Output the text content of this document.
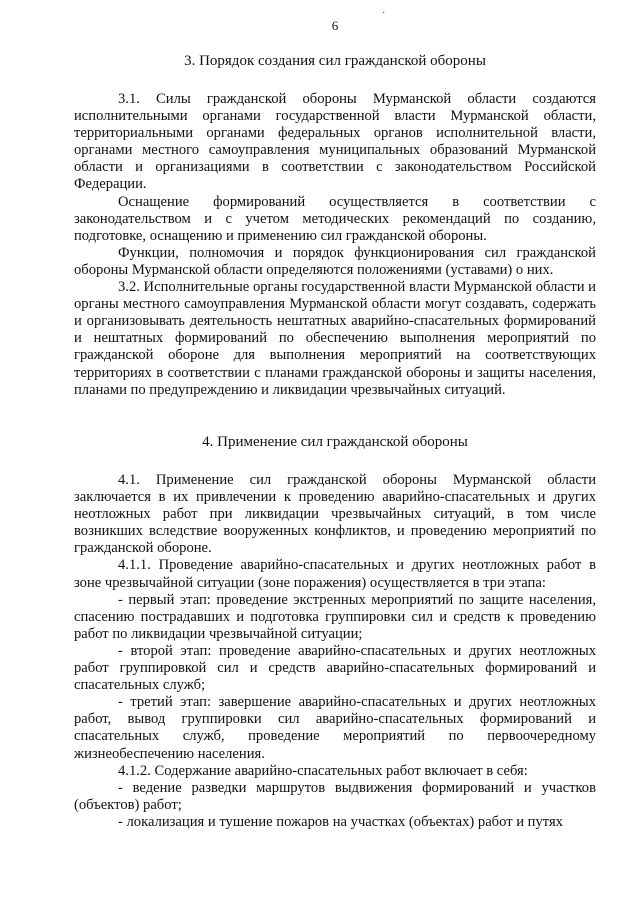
6
·
3. Порядок создания сил гражданской обороны

3.1. Силы гражданской обороны Мурманской области создаются исполнительными органами государственной власти Мурманской области, территориальными органами федеральных органов исполнительной власти, органами местного самоуправления муниципальных образований Мурманской области и организациями в соответствии с законодательством Российской Федерации.

Оснащение формирований осуществляется в соответствии с законодательством и с учетом методических рекомендаций по созданию, подготовке, оснащению и применению сил гражданской обороны.

Функции, полномочия и порядок функционирования сил гражданской обороны Мурманской области определяются положениями (уставами) о них.

3.2. Исполнительные органы государственной власти Мурманской области и органы местного самоуправления Мурманской области могут создавать, содержать и организовывать деятельность нештатных аварийно-спасательных формирований и нештатных формирований по обеспечению выполнения мероприятий по гражданской обороне для выполнения мероприятий на соответствующих территориях в соответствии с планами гражданской обороны и защиты населения, планами по предупреждению и ликвидации чрезвычайных ситуаций.

4. Применение сил гражданской обороны

4.1. Применение сил гражданской обороны Мурманской области заключается в их привлечении к проведению аварийно-спасательных и других неотложных работ при ликвидации чрезвычайных ситуаций, в том числе возникших вследствие вооруженных конфликтов, и проведению мероприятий по гражданской обороне.

4.1.1. Проведение аварийно-спасательных и других неотложных работ в зоне чрезвычайной ситуации (зоне поражения) осуществляется в три этапа:

- первый этап: проведение экстренных мероприятий по защите населения, спасению пострадавших и подготовка группировки сил и средств к проведению работ по ликвидации чрезвычайной ситуации;

- второй этап: проведение аварийно-спасательных и других неотложных работ группировкой сил и средств аварийно-спасательных формирований и спасательных служб;

- третий этап: завершение аварийно-спасательных и других неотложных работ, вывод группировки сил аварийно-спасательных формирований и спасательных служб, проведение мероприятий по первоочередному жизнеобеспечению населения.

4.1.2. Содержание аварийно-спасательных работ включает в себя:

- ведение разведки маршрутов выдвижения формирований и участков (объектов) работ;

- локализация и тушение пожаров на участках (объектах) работ и путях
